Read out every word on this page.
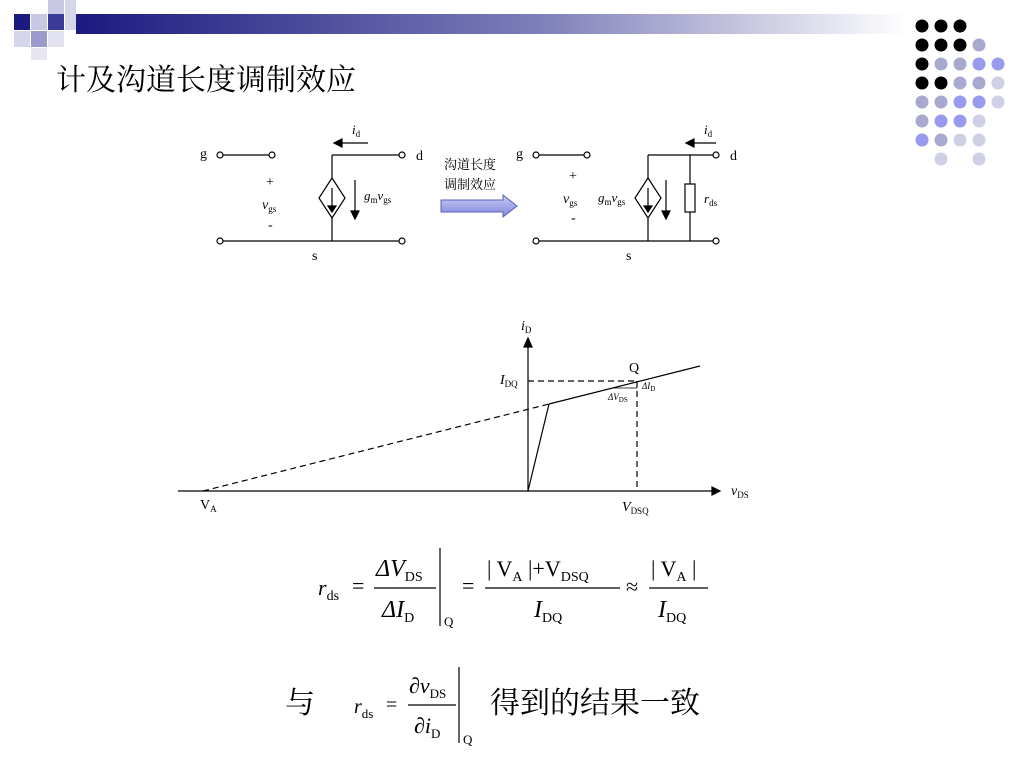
计及沟道长度调制效应
g	d
s
+
-
$v_{gs}$
$i_d$
$g_mv_{gs}$
沟道长度
调制效应
g	d
s
+
-
$v_{gs}$
$i_d$
$g_mv_{gs}$	$r_{ds}$
$i_D$
$I_{DQ}$
Q
$\Delta I_D$
$\Delta V_{DS}$
$v_{DS}$
$V_A$	$V_{DSQ}$
$r_{ds}$ =
$\Delta V_{DS}$
$\Delta I_D$ Q
=
| $V_A$ $|+V_{DSQ}$
$I_{DQ}$
≈
| $V_A$ |
$I_{DQ}$
与 $r_{ds}$ =
$\partial v_{DS}$
$\partial i_D$ Q
得到的结果一致
